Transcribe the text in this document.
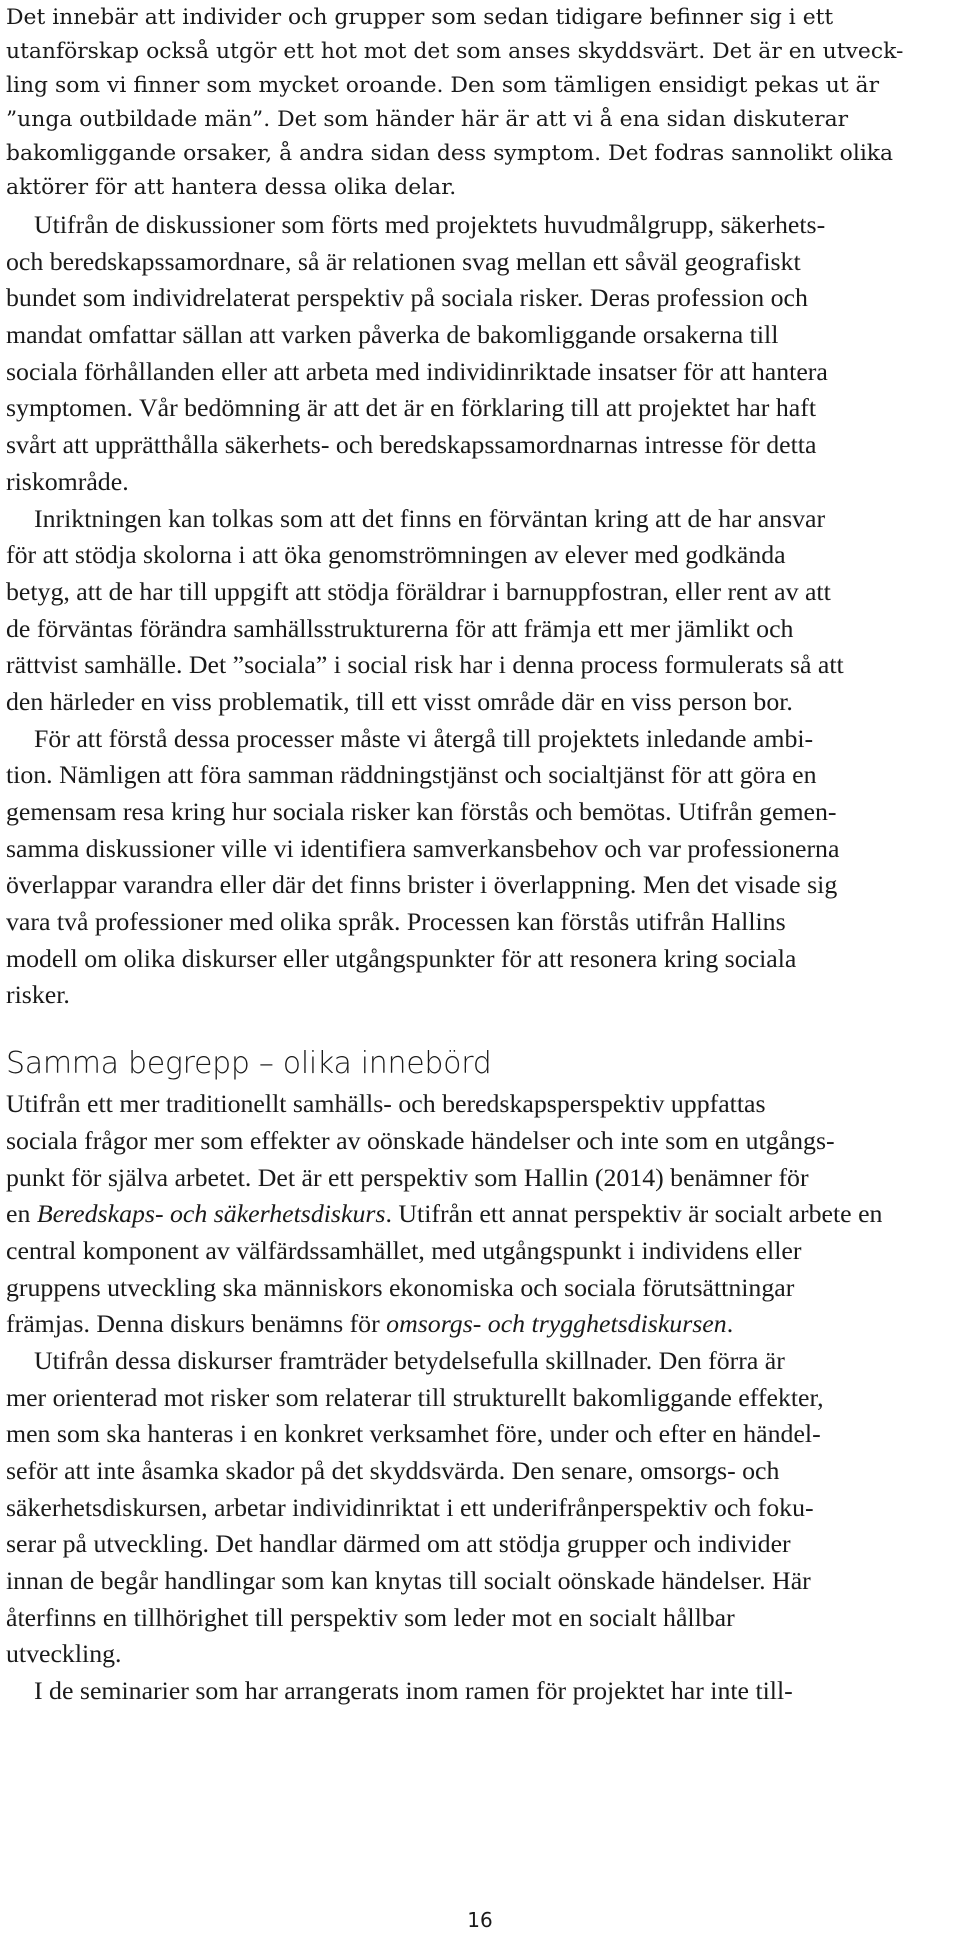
Det innebär att individer och grupper som sedan tidigare befinner sig i ett
utanförskap också utgör ett hot mot det som anses skyddsvärt. Det är en utveck-
ling som vi finner som mycket oroande. Den som tämligen ensidigt pekas ut är
”unga outbildade män”. Det som händer här är att vi å ena sidan diskuterar
bakomliggande orsaker, å andra sidan dess symptom. Det fodras sannolikt olika
aktörer för att hantera dessa olika delar.
Utifrån de diskussioner som förts med projektets huvudmålgrupp, säkerhets-
och beredskapssamordnare, så är relationen svag mellan ett såväl geografiskt
bundet som individrelaterat perspektiv på sociala risker. Deras profession och
mandat omfattar sällan att varken påverka de bakomliggande orsakerna till
sociala förhållanden eller att arbeta med individinriktade insatser för att hantera
symptomen. Vår bedömning är att det är en förklaring till att projektet har haft
svårt att upprätthålla säkerhets- och beredskapssamordnarnas intresse för detta
riskområde.
Inriktningen kan tolkas som att det finns en förväntan kring att de har ansvar
för att stödja skolorna i att öka genomströmningen av elever med godkända
betyg, att de har till uppgift att stödja föräldrar i barnuppfostran, eller rent av att
de förväntas förändra samhällsstrukturerna för att främja ett mer jämlikt och
rättvist samhälle. Det ”sociala” i social risk har i denna process formulerats så att
den härleder en viss problematik, till ett visst område där en viss person bor.
För att förstå dessa processer måste vi återgå till projektets inledande ambi-
tion. Nämligen att föra samman räddningstjänst och socialtjänst för att göra en
gemensam resa kring hur sociala risker kan förstås och bemötas. Utifrån gemen-
samma diskussioner ville vi identifiera samverkansbehov och var professionerna
överlappar varandra eller där det finns brister i överlappning. Men det visade sig
vara två professioner med olika språk. Processen kan förstås utifrån Hallins
modell om olika diskurser eller utgångspunkter för att resonera kring sociala
risker.
Samma begrepp – olika innebörd
Utifrån ett mer traditionellt samhälls- och beredskapsperspektiv uppfattas
sociala frågor mer som effekter av oönskade händelser och inte som en utgångs-
punkt för själva arbetet. Det är ett perspektiv som Hallin (2014) benämner för
en Beredskaps- och säkerhetsdiskurs. Utifrån ett annat perspektiv är socialt arbete en
central komponent av välfärdssamhället, med utgångspunkt i individens eller
gruppens utveckling ska människors ekonomiska och sociala förutsättningar
främjas. Denna diskurs benämns för omsorgs- och trygghetsdiskursen.
Utifrån dessa diskurser framträder betydelsefulla skillnader. Den förra är
mer orienterad mot risker som relaterar till strukturellt bakomliggande effekter,
men som ska hanteras i en konkret verksamhet före, under och efter en händel-
seför att inte åsamka skador på det skyddsvärda. Den senare, omsorgs- och
säkerhetsdiskursen, arbetar individinriktat i ett underifrånperspektiv och foku-
serar på utveckling. Det handlar därmed om att stödja grupper och individer
innan de begår handlingar som kan knytas till socialt oönskade händelser. Här
återfinns en tillhörighet till perspektiv som leder mot en socialt hållbar
utveckling.
I de seminarier som har arrangerats inom ramen för projektet har inte till-
16
